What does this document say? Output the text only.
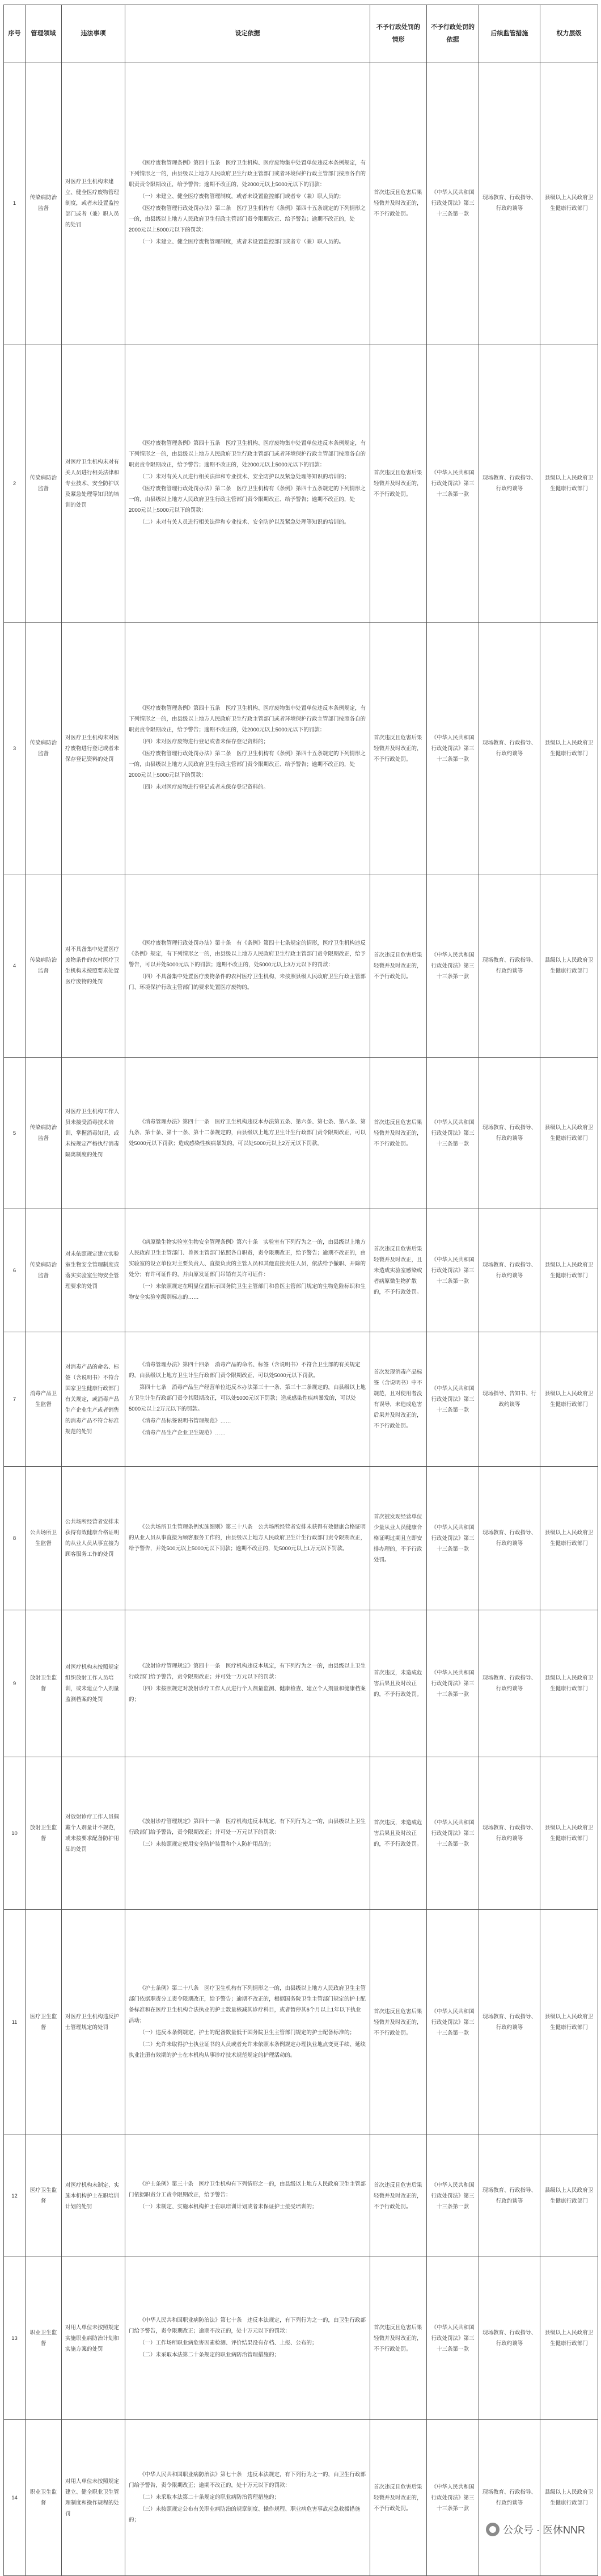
序号	管理领域	违法事项	设定依据	不予行政处罚的情形	不予行政处罚的依据	后续监管措施	权力层级
1	传染病防治监督	对医疗卫生机构未建立、健全医疗废物管理制度，或者未设置监控部门或者（兼）职人员的处罚	《医疗废物管理条例》第四十五条　医疗卫生机构、医疗废物集中处置单位违反本条例规定，有下列情形之一的，由县级以上地方人民政府卫生行政主管部门或者环境保护行政主管部门按照各自的职责责令限期改正，给予警告；逾期不改正的，处2000元以上5000元以下的罚款：

（一）未建立、健全医疗废物管理制度，或者未设置监控部门或者专（兼）职人员的；

《医疗废物管理行政处罚办法》第二条　医疗卫生机构有《条例》第四十五条规定的下列情形之一的，由县级以上地方人民政府卫生行政主管部门责令限期改正、给予警告；逾期不改正的，处2000元以上5000元以下的罚款：

（一）未建立、健全医疗废物管理制度，或者未设置监控部门或者专（兼）职人员的。	首次违反且危害后果轻微并及时改正的，不予行政处罚。	《中华人民共和国行政处罚法》第三十三条第一款	现场教育、行政指导、行政约谈等	县级以上人民政府卫生健康行政部门
2	传染病防治监督	对医疗卫生机构未对有关人员进行相关法律和专业技术、安全防护以及紧急处理等知识的培训的处罚	《医疗废物管理条例》第四十五条　医疗卫生机构、医疗废物集中处置单位违反本条例规定，有下列情形之一的，由县级以上地方人民政府卫生行政主管部门或者环境保护行政主管部门按照各自的职责责令限期改正，给予警告；逾期不改正的，处2000元以上5000元以下的罚款：

（二）未对有关人员进行相关法律和专业技术、安全防护以及紧急处理等知识的培训的；

《医疗废物管理行政处罚办法》第二条　医疗卫生机构有《条例》第四十五条规定的下列情形之一的，由县级以上地方人民政府卫生行政主管部门责令限期改正、给予警告；逾期不改正的，处2000元以上5000元以下的罚款：

（二）未对有关人员进行相关法律和专业技术、安全防护以及紧急处理等知识的培训的。	首次违反且危害后果轻微并及时改正的，不予行政处罚。	《中华人民共和国行政处罚法》第三十三条第一款	现场教育、行政指导、行政约谈等	县级以上人民政府卫生健康行政部门
3	传染病防治监督	对医疗卫生机构未对医疗废物进行登记或者未保存登记资料的处罚	《医疗废物管理条例》第四十五条　医疗卫生机构、医疗废物集中处置单位违反本条例规定，有下列情形之一的，由县级以上地方人民政府卫生行政主管部门或者环境保护行政主管部门按照各自的职责责令限期改正，给予警告；逾期不改正的，处2000元以上5000元以下的罚款：

（四）未对医疗废物进行登记或者未保存登记资料的；

《医疗废物管理行政处罚办法》第二条　医疗卫生机构有《条例》第四十五条规定的下列情形之一的，由县级以上地方人民政府卫生行政主管部门责令限期改正、给予警告；逾期不改正的，处2000元以上5000元以下的罚款：

（四）未对医疗废物进行登记或者未保存登记资料的。	首次违反且危害后果轻微并及时改正的，不予行政处罚。	《中华人民共和国行政处罚法》第三十三条第一款	现场教育、行政指导、行政约谈等	县级以上人民政府卫生健康行政部门
4	传染病防治监督	对不具备集中处置医疗废物条件的农村医疗卫生机构未按照要求处置医疗废物的处罚	《医疗废物管理行政处罚办法》第十条　有《条例》第四十七条规定的情形，医疗卫生机构违反《条例》规定，有下列情形之一的，由县级以上地方人民政府卫生行政主管部门责令限期改正，给予警告，可以并处5000元以下的罚款；逾期不改正的，处5000元以上3万元以下的罚款：

（四）不具备集中处置医疗废物条件的农村医疗卫生机构，未按照县级人民政府卫生行政主管部门、环境保护行政主管部门的要求处置医疗废物的。	首次违反且危害后果轻微并及时改正的，不予行政处罚。	《中华人民共和国行政处罚法》第三十三条第一款	现场教育、行政指导、行政约谈等	县级以上人民政府卫生健康行政部门
5	传染病防治监督	对医疗卫生机构工作人员未接受消毒技术培训、掌握消毒知识，或未按规定严格执行消毒隔离制度的处罚	《消毒管理办法》第四十一条　医疗卫生机构违反本办法第五条、第六条、第七条、第八条、第九条、第十条、第十一条、第十二条规定的，由县级以上地方卫生计生行政部门责令限期改正，可以处5000元以下罚款；造成感染性疾病暴发的，可以处5000元以上2万元以下罚款。	首次违反且危害后果轻微并及时改正的，不予行政处罚。	《中华人民共和国行政处罚法》第三十三条第一款	现场教育、行政指导、行政约谈等	县级以上人民政府卫生健康行政部门
6	传染病防治监督	对未依照规定建立实验室生物安全管理制度或落实实验室生物安全管理要求的处罚	《病原微生物实验室生物安全管理条例》第六十条　实验室有下列行为之一的，由县级以上地方人民政府卫生主管部门、兽医主管部门依照各自职责，责令限期改正，给予警告；逾期不改正的，由实验室的设立单位对主要负责人、直接负责的主管人员和其他直接责任人员，依法给予撤职、开除的处分；有许可证件的，并由原发证部门吊销有关许可证件：

（一）未依照规定在明显位置标示国务院卫生主管部门和兽医主管部门规定的生物危险标识和生物安全实验室级别标志的……	首次违反且危害后果轻微并及时改正，且未造成实验室感染或者病原微生物扩散的，不予行政处罚。	《中华人民共和国行政处罚法》第三十三条第一款	现场教育、行政指导、行政约谈等	县级以上人民政府卫生健康行政部门
7	消毒产品卫生监督	对消毒产品的命名、标签（含说明书）不符合国家卫生健康行政部门有关规定，或消毒产品生产企业生产或者销售的消毒产品不符合标准规范的处罚	《消毒管理办法》第四十四条　消毒产品的命名、标签（含说明书）不符合卫生部的有关规定的，由县级以上地方卫生计生行政部门责令限期改正，可以处5000元以下罚款。

第四十七条　消毒产品生产经营单位违反本办法第三十一条、第三十二条规定的，由县级以上地方卫生计生行政部门责令其限期改正，可以处5000元以下罚款；造成感染性疾病暴发的，可以处5000元以上2万元以下的罚款。

《消毒产品标签说明书管理规范》……

《消毒产品生产企业卫生规范》……	首次发现消毒产品标签（含说明书）中不规范，且对使用者没有误导，未造成危害后果并及时改正的，不予行政处罚。	《中华人民共和国行政处罚法》第三十三条第一款	现场指导、告知书、行政约谈等	县级以上人民政府卫生健康行政部门
8	公共场所卫生监督	公共场所经营者安排未获得有效健康合格证明的从业人员从事直接为顾客服务工作的处罚	《公共场所卫生管理条例实施细则》第三十八条　公共场所经营者安排未获得有效健康合格证明的从业人员从事直接为顾客服务工作的，由县级以上地方人民政府卫生计生行政部门责令限期改正，给予警告，并处500元以上5000元以下罚款；逾期不改正的，处5000元以上1万元以下罚款。	首次被发现经营单位少量从业人员健康合格证明过期且立即安排办理的，不予行政处罚。	《中华人民共和国行政处罚法》第三十三条第一款	现场教育、行政指导、行政约谈等	县级以上人民政府卫生健康行政部门
9	放射卫生监督	对医疗机构未按照规定组织放射工作人员培训，或未建立个人剂量监测档案的处罚	《放射诊疗管理规定》第四十一条　医疗机构违反本规定，有下列行为之一的，由县级以上卫生行政部门给予警告，责令限期改正；并可处一万元以下的罚款：

（四）未按照规定对放射诊疗工作人员进行个人剂量监测、健康检查、建立个人剂量和健康档案的；	首次违反，未造成危害后果且及时改正的，不予行政处罚。	《中华人民共和国行政处罚法》第三十三条第一款	现场教育、行政指导、行政约谈等	县级以上人民政府卫生健康行政部门
10	放射卫生监督	对放射诊疗工作人员佩戴个人剂量计不规范，或未按要求配备防护用品的处罚	《放射诊疗管理规定》第四十一条　医疗机构违反本规定，有下列行为之一的，由县级以上卫生行政部门给予警告，责令限期改正；并可处一万元以下的罚款：

（三）未按照规定使用安全防护装置和个人防护用品的；	首次违反，未造成危害后果且及时改正的，不予行政处罚。	《中华人民共和国行政处罚法》第三十三条第一款	现场教育、行政指导、行政约谈等	县级以上人民政府卫生健康行政部门
11	医疗卫生监督	对医疗卫生机构违反护士管理规定的处罚	《护士条例》第二十八条　医疗卫生机构有下列情形之一的，由县级以上地方人民政府卫生主管部门依据职责分工责令限期改正，给予警告；逾期不改正的，根据国务院卫生主管部门规定的护士配备标准和在医疗卫生机构合法执业的护士数量核减其诊疗科目，或者暂停其6个月以上1年以下执业活动；

（一）违反本条例规定，护士的配备数量低于国务院卫生主管部门规定的护士配备标准的；

（二）允许未取得护士执业证书的人员或者允许未依照本条例规定办理执业地点变更手续、延续执业注册有效期的护士在本机构从事诊疗技术规范规定的护理活动的。	首次违反且危害后果轻微并及时改正的，不予行政处罚。	《中华人民共和国行政处罚法》第三十三条第一款	现场教育、行政指导、行政约谈等	县级以上人民政府卫生健康行政部门
12	医疗卫生监督	对医疗机构未制定、实施本机构护士在职培训计划的处罚	《护士条例》第三十条　医疗卫生机构有下列情形之一的，由县级以上地方人民政府卫生主管部门依据职责分工责令限期改正，给予警告：

（一）未制定、实施本机构护士在职培训计划或者未保证护士接受培训的；	首次违反且危害后果轻微并及时改正的，不予行政处罚。	《中华人民共和国行政处罚法》第三十三条第一款	现场教育、行政指导、行政约谈等	县级以上人民政府卫生健康行政部门
13	职业卫生监督	对用人单位未按照规定实施职业病防治计划和实施方案的处罚	《中华人民共和国职业病防治法》第七十条　违反本法规定，有下列行为之一的，由卫生行政部门给予警告，责令限期改正；逾期不改正的，处十万元以下的罚款：

（一）工作场所职业病危害因素检测、评价结果没有存档、上报、公布的；

（二）未采取本法第二十条规定的职业病防治管理措施的；	首次违反且危害后果轻微并及时改正的，不予行政处罚。	《中华人民共和国行政处罚法》第三十三条第一款	现场教育、行政指导、行政约谈等	县级以上人民政府卫生健康行政部门
14	职业卫生监督	对用人单位未按照规定建立、健全职业卫生管理制度和操作规程的处罚	《中华人民共和国职业病防治法》第七十条　违反本法规定，有下列行为之一的，由卫生行政部门给予警告，责令限期改正；逾期不改正的，处十万元以下的罚款：

（二）未采取本法第二十条规定的职业病防治管理措施的；

（三）未按照规定公布有关职业病防治的规章制度、操作规程、职业病危害事故应急救援措施的；	首次违反且危害后果轻微并及时改正的，不予行政处罚。	《中华人民共和国行政处罚法》第三十三条第一款	现场教育、行政指导、行政约谈等	县级以上人民政府卫生健康行政部门
公众号 · 医休NNR
